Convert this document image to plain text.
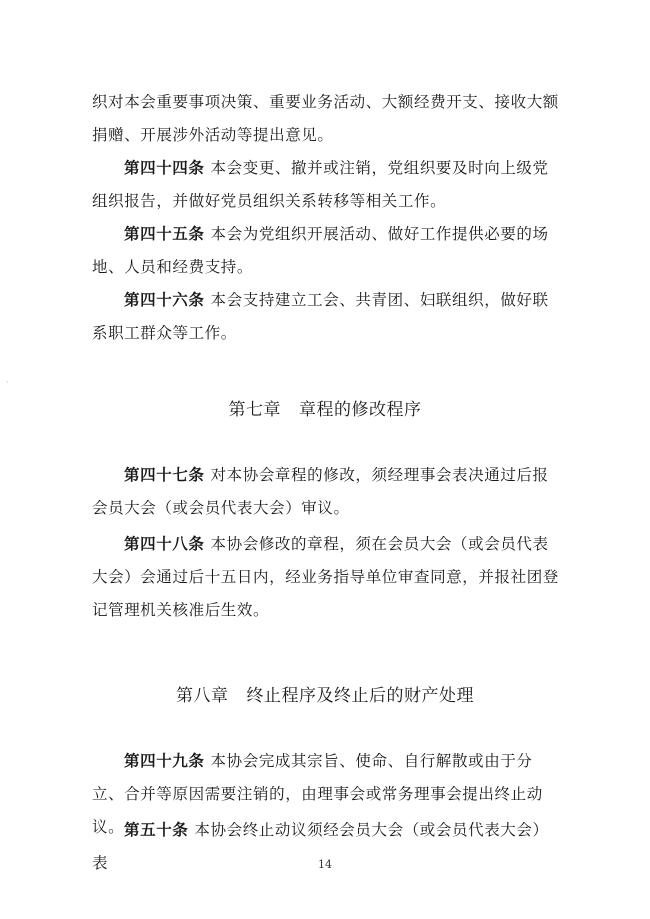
织对本会重要事项决策、重要业务活动、大额经费开支、接收大额捐赠、开展涉外活动等提出意见。
第四十四条 本会变更、撤并或注销，党组织要及时向上级党组织报告，并做好党员组织关系转移等相关工作。
第四十五条 本会为党组织开展活动、做好工作提供必要的场地、人员和经费支持。
第四十六条 本会支持建立工会、共青团、妇联组织，做好联系职工群众等工作。
·
第七章 章程的修改程序
第四十七条 对本协会章程的修改，须经理事会表决通过后报会员大会（或会员代表大会）审议。
第四十八条 本协会修改的章程，须在会员大会（或会员代表大会）会通过后十五日内，经业务指导单位审查同意，并报社团登记管理机关核准后生效。
第八章 终止程序及终止后的财产处理
第四十九条 本协会完成其宗旨、使命、自行解散或由于分立、合并等原因需要注销的，由理事会或常务理事会提出终止动议。 第五十条 本协会终止动议须经会员大会（或会员代表大会）表	14
